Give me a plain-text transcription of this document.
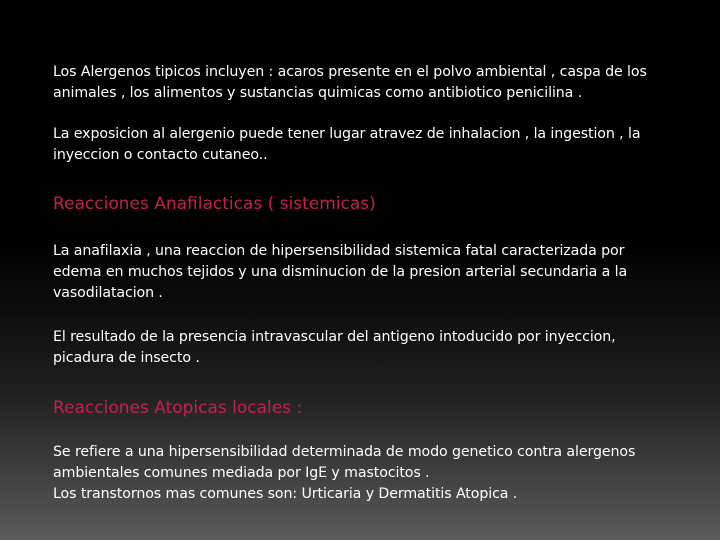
Los Alergenos tipicos incluyen : acaros presente en el polvo ambiental , caspa de los
animales , los alimentos y sustancias quimicas como antibiotico penicilina .

La exposicion al alergenio puede tener lugar atravez de inhalacion , la ingestion , la
inyeccion o contacto cutaneo..

Reacciones Anafilacticas ( sistemicas)

La anafilaxia , una reaccion de hipersensibilidad sistemica fatal caracterizada por
edema en muchos tejidos y una disminucion de la presion arterial secundaria a la
vasodilatacion .

El resultado de la presencia intravascular del antigeno intoducido por inyeccion,
picadura de insecto .

Reacciones Atopicas locales :

Se refiere a una hipersensibilidad determinada de modo genetico contra alergenos
ambientales comunes mediada por IgE y mastocitos .
Los transtornos mas comunes son: Urticaria y Dermatitis Atopica .
